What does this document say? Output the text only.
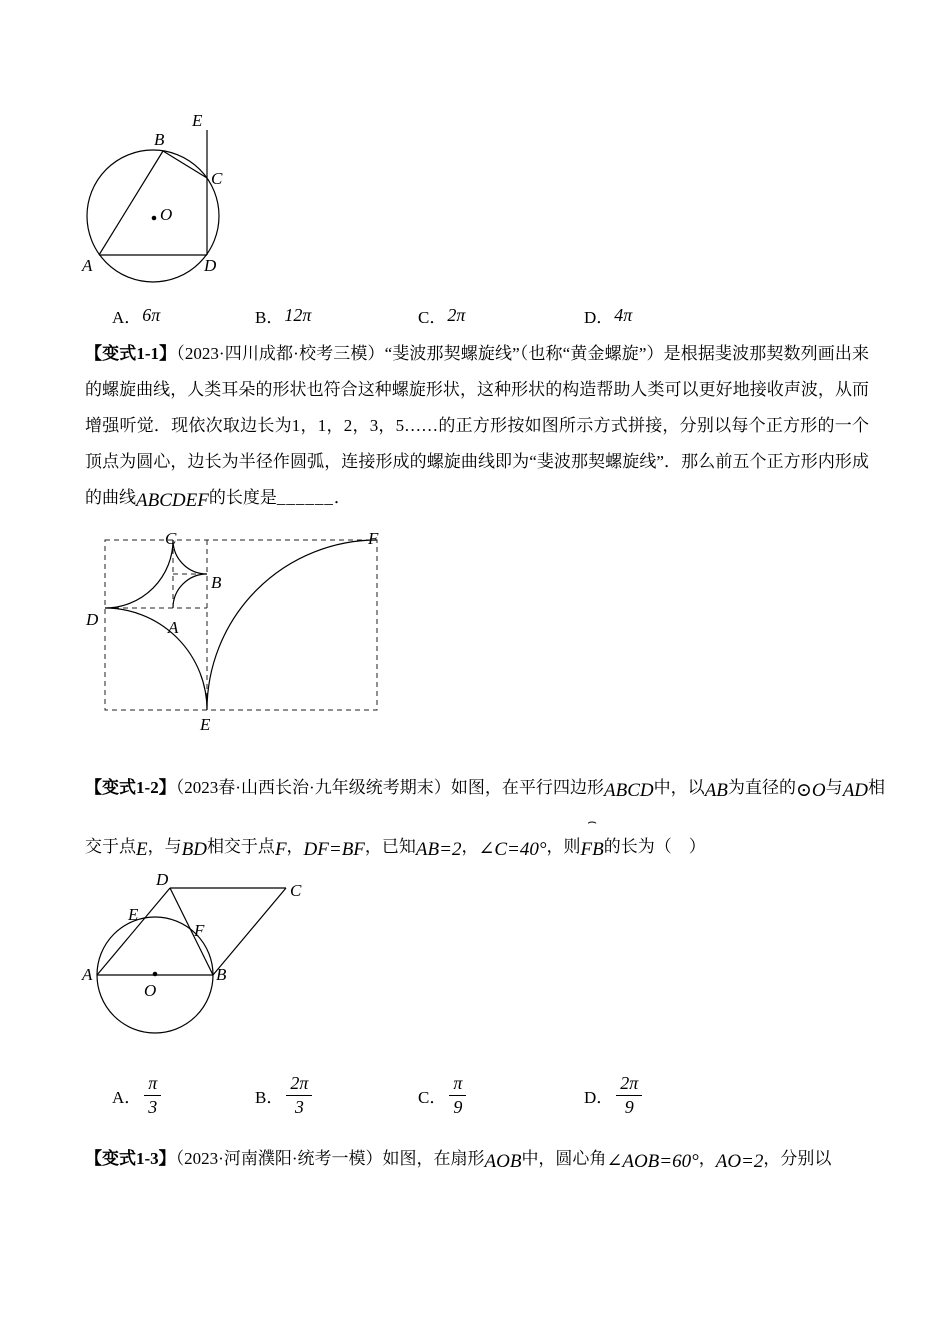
E
B
C
O
A	D
A． 6π	B． 12π	C． 2π	D． 4π

【变式1-1】（2023·四川成都·校考三模）“斐波那契螺旋线”（也称“黄金螺旋”）是根据斐波那契数列画出来的螺旋曲线，人类耳朵的形状也符合这种螺旋形状，这种形状的构造帮助人类可以更好地接收声波，从而增强听觉．现依次取边长为1，1，2，3，5……的正方形按如图所示方式拼接，分别以每个正方形的一个顶点为圆心，边长为半径作圆弧，连接形成的螺旋曲线即为“斐波那契螺旋线”．那么前五个正方形内形成的曲线ABCDEF的长度是______．

C	F
B
D	A
E

【变式1-2】（2023春·山西长治·九年级统考期末）如图，在平行四边形ABCD中，以AB为直径的⊙O与AD相交于点E，与BD相交于点F，DF=BF，已知AB=2，∠C=40°，则
⌢
FB的长为（　）

D
C
E
F
A	B
O
A． $\frac{\pi}{3}$	B． $\frac{2\pi}{3}$	C． $\frac{\pi}{9}$	D． $\frac{2\pi}{9}$

【变式1-3】（2023·河南濮阳·统考一模）如图，在扇形AOB中，圆心角∠AOB=60°，AO=2，分别以
